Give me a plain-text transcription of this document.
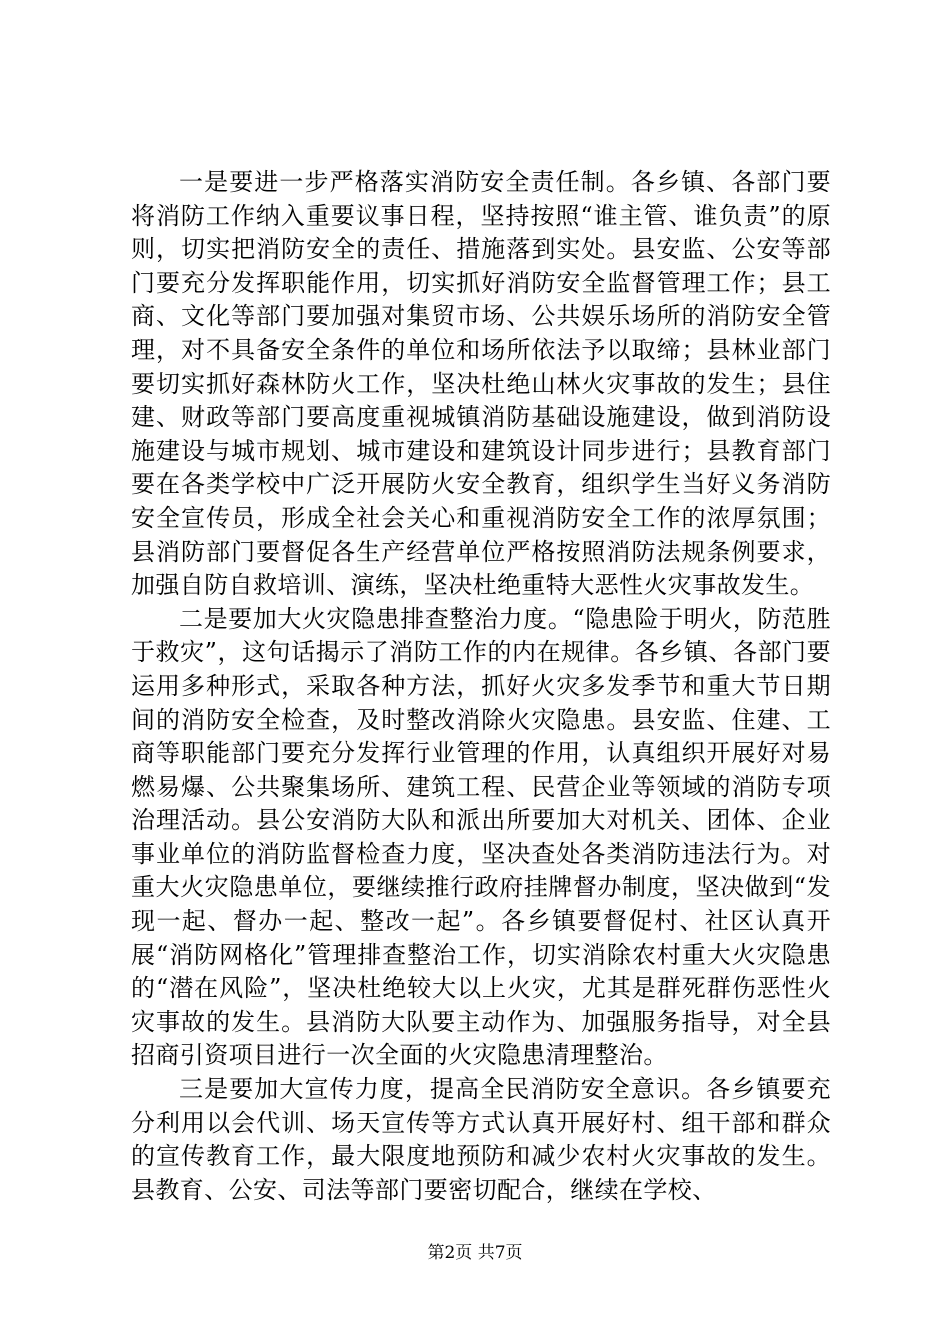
一是要进一步严格落实消防安全责任制。各乡镇、各部门要将消防工作纳入重要议事日程，坚持按照“谁主管、谁负责”的原则，切实把消防安全的责任、措施落到实处。县安监、公安等部门要充分发挥职能作用，切实抓好消防安全监督管理工作；县工商、文化等部门要加强对集贸市场、公共娱乐场所的消防安全管理，对不具备安全条件的单位和场所依法予以取缔；县林业部门要切实抓好森林防火工作，坚决杜绝山林火灾事故的发生；县住建、财政等部门要高度重视城镇消防基础设施建设，做到消防设施建设与城市规划、城市建设和建筑设计同步进行；县教育部门要在各类学校中广泛开展防火安全教育，组织学生当好义务消防安全宣传员，形成全社会关心和重视消防安全工作的浓厚氛围；县消防部门要督促各生产经营单位严格按照消防法规条例要求，加强自防自救培训、演练，坚决杜绝重特大恶性火灾事故发生。

二是要加大火灾隐患排查整治力度。“隐患险于明火，防范胜于救灾”，这句话揭示了消防工作的内在规律。各乡镇、各部门要运用多种形式，采取各种方法，抓好火灾多发季节和重大节日期间的消防安全检查，及时整改消除火灾隐患。县安监、住建、工商等职能部门要充分发挥行业管理的作用，认真组织开展好对易燃易爆、公共聚集场所、建筑工程、民营企业等领域的消防专项治理活动。县公安消防大队和派出所要加大对机关、团体、企业事业单位的消防监督检查力度，坚决查处各类消防违法行为。对重大火灾隐患单位，要继续推行政府挂牌督办制度，坚决做到“发现一起、督办一起、整改一起”。各乡镇要督促村、社区认真开展“消防网格化”管理排查整治工作，切实消除农村重大火灾隐患的“潜在风险”，坚决杜绝较大以上火灾，尤其是群死群伤恶性火灾事故的发生。县消防大队要主动作为、加强服务指导，对全县招商引资项目进行一次全面的火灾隐患清理整治。

三是要加大宣传力度，提高全民消防安全意识。各乡镇要充分利用以会代训、场天宣传等方式认真开展好村、组干部和群众的宣传教育工作，最大限度地预防和减少农村火灾事故的发生。县教育、公安、司法等部门要密切配合，继续在学校、

第2页 共7页
